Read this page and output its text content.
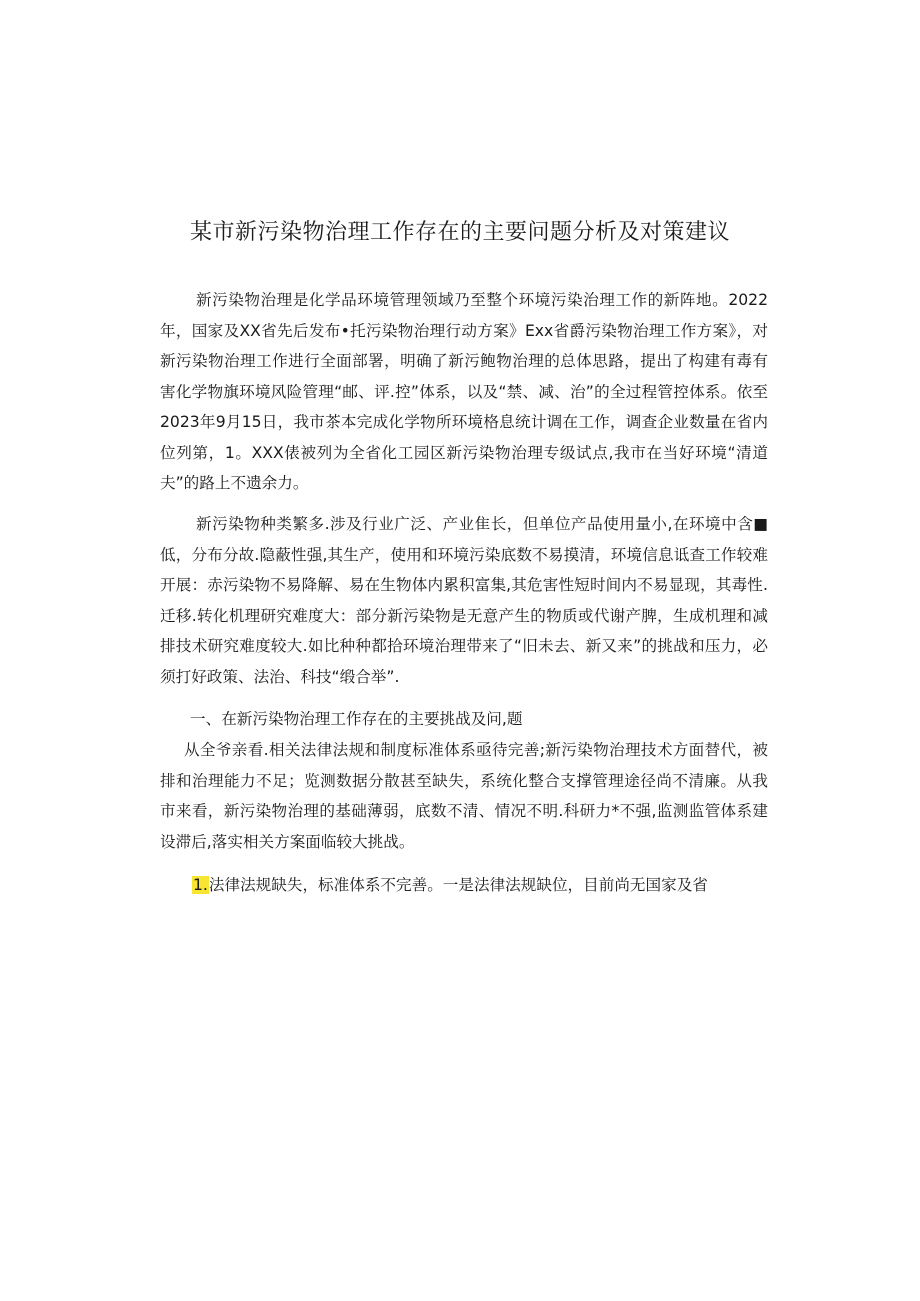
某市新污染物治理工作存在的主要问题分析及对策建议

新污染物治理是化学品环境管理领域乃至整个环境污染治理工作的新阵地。2022年，国家及XX省先后发布•托污染物治理行动方案》Exx省爵污染物治理工作方案》，对新污染物治理工作进行全面部署，明确了新污鲍物治理的总体思路，提出了构建有毒有害化学物旗环境风险管理“邮、评.控”体系，以及“禁、减、治”的全过程管控体系。依至2023年9月15日，我市茶本完成化学物所环境格息统计调在工作，调查企业数量在省内位列第，1。XXX俵被列为全省化工园区新污染物治理专级试点,我市在当好环境“清道夫”的路上不遗余力。

新污染物种类繁多.涉及行业广泛、产业隹长，但单位产品使用量小,在环境中含■低，分布分故.隐蔽性强,其生产，使用和环境污染底数不易摸清，环境信息诋查工作较难开展：赤污染物不易降解、易在生物体内累积富集,其危害性短时间内不易显现，其毒性.迁移.转化机理研究难度大：部分新污染物是无意产生的物质或代谢产脾，生成机理和减排技术研究难度较大.如比种种都拾环境治理带来了“旧未去、新又来”的挑战和压力，必须打好政策、法治、科技“缎合举”.

一、在新污染物治理工作存在的主要挑战及问,题

从全爷亲看.相关法律法规和制度标准体系亟待完善;新污染物治理技术方面替代，被排和治理能力不足；览测数据分散甚至缺失，系统化整合支撑管理途径尚不清廉。从我市来看，新污染物治理的基础薄弱，底数不清、情况不明.科研力*不强,监测监管体系建设滞后,落实相关方案面临较大挑战。

1.法律法规缺失，标准体系不完善。一是法律法规缺位，目前尚无国家及省
